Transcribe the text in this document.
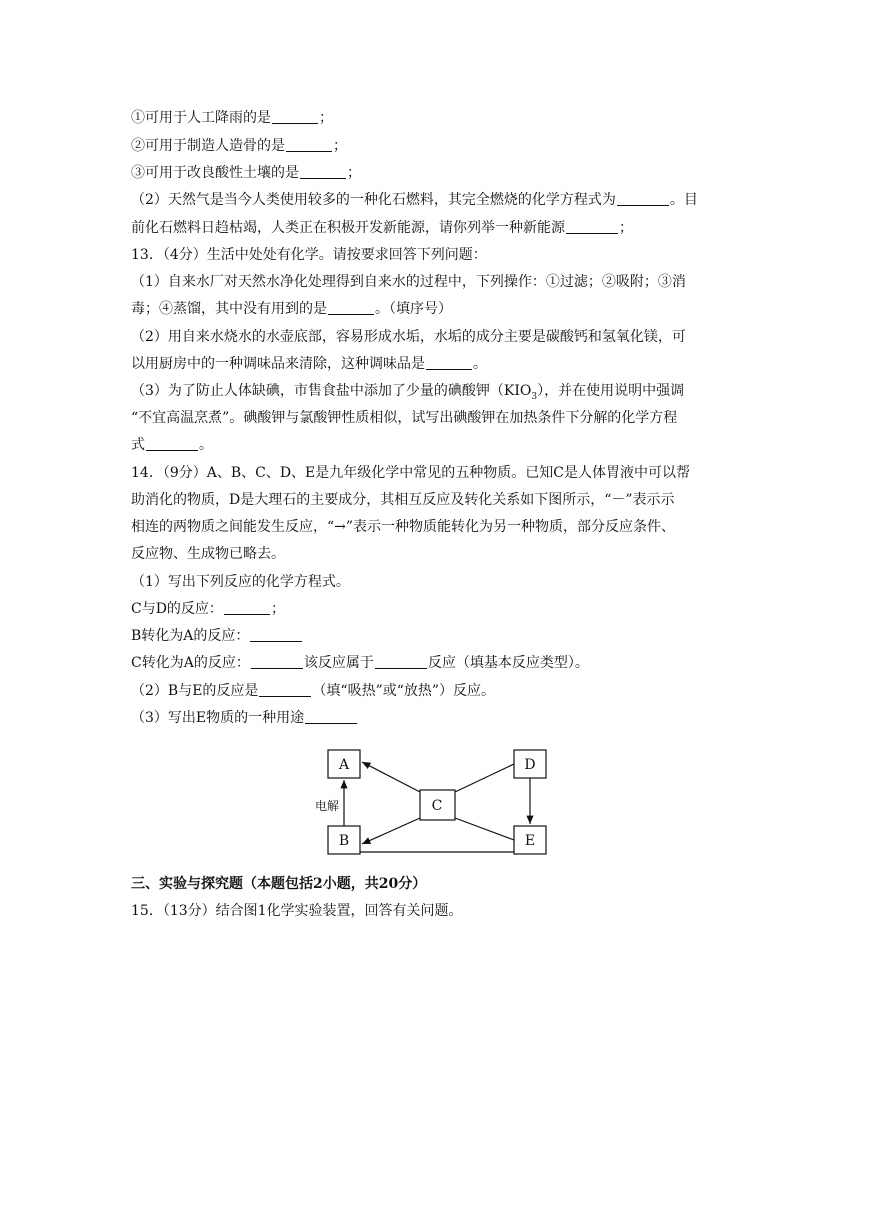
①可用于人工降雨的是	；
②可用于制造人造骨的是	；
③可用于改良酸性土壤的是	；
（2）天然气是当今人类使用较多的一种化石燃料，其完全燃烧的化学方程式为	。目
前化石燃料日趋枯竭，人类正在积极开发新能源，请你列举一种新能源	；
13．（4分）生活中处处有化学。请按要求回答下列问题：
（1）自来水厂对天然水净化处理得到自来水的过程中，下列操作：①过滤；②吸附；③消
毒；④蒸馏，其中没有用到的是	。（填序号）
（2）用自来水烧水的水壶底部，容易形成水垢，水垢的成分主要是碳酸钙和氢氧化镁，可
以用厨房中的一种调味品来清除，这种调味品是	。
（3）为了防止人体缺碘，市售食盐中添加了少量的碘酸钾$(KIO_3)$，并在使用说明中强调
“不宜高温烹煮”。碘酸钾与氯酸钾性质相似，试写出碘酸钾在加热条件下分解的化学方程
式	。
14．（9分）A、B、C、D、E是九年级化学中常见的五种物质。已知C是人体胃液中可以帮
助消化的物质，D是大理石的主要成分，其相互反应及转化关系如下图所示，“－”表示示
相连的两物质之间能发生反应，“→”表示一种物质能转化为另一种物质，部分反应条件、
反应物、生成物已略去。
（1）写出下列反应的化学方程式。
C与D的反应：	；
B转化为A的反应：
C转化为A的反应：	该反应属于	反应（填基本反应类型）。
（2）B与E的反应是	（填“吸热”或“放热”）反应。
（3）写出E物质的一种用途
A
B
C
D
E
电解
三、实验与探究题（本题包括2小题，共20分）
15．（13分）结合图1化学实验装置，回答有关问题。
